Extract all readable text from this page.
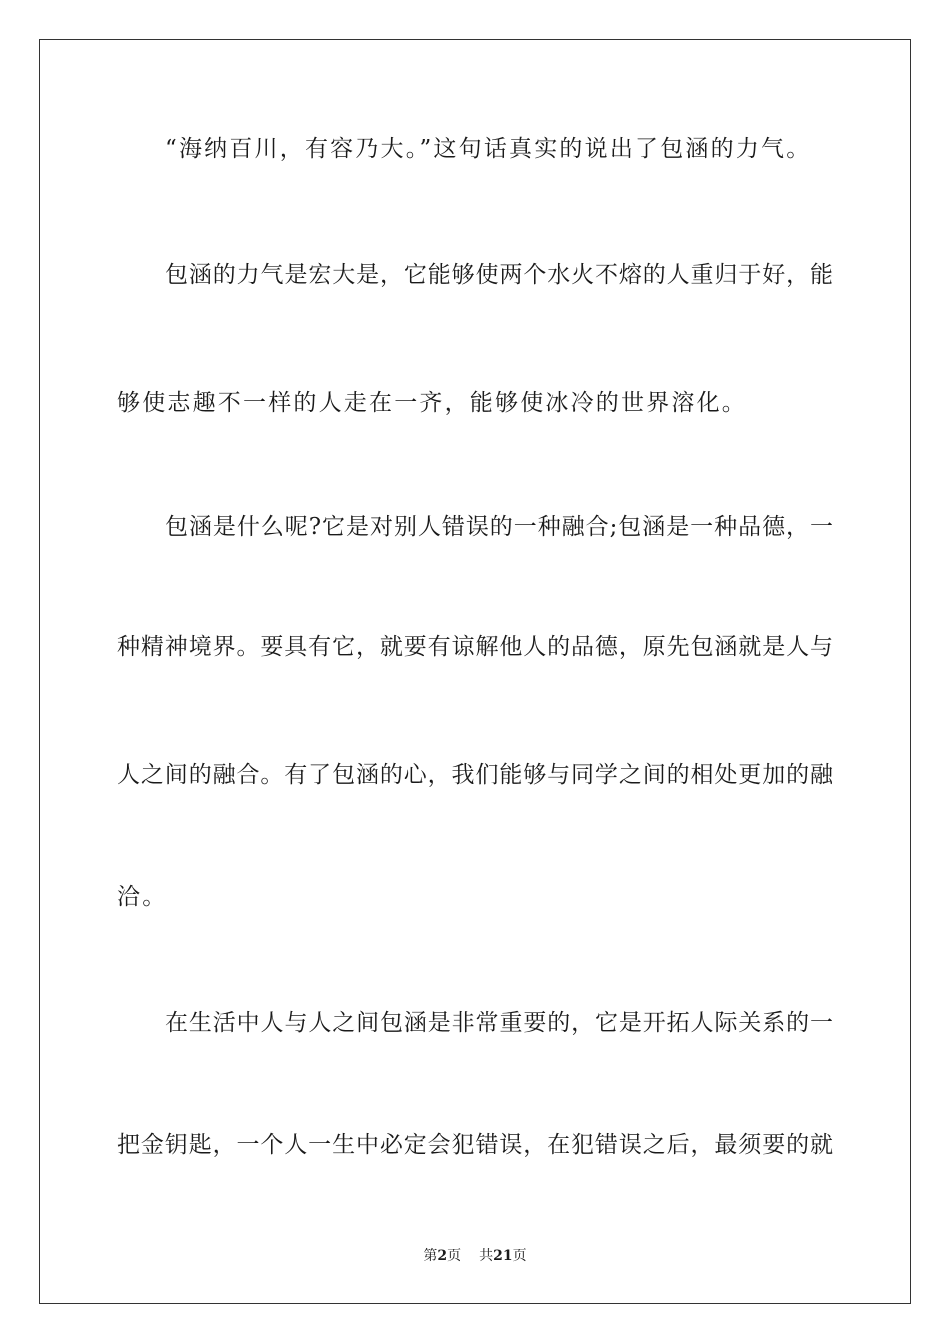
“海纳百川，有容乃大。”这句话真实的说出了包涵的力气。
包涵的力气是宏大是，它能够使两个水火不熔的人重归于好，能
够使志趣不一样的人走在一齐，能够使冰冷的世界溶化。
包涵是什么呢?它是对别人错误的一种融合;包涵是一种品德，一
种精神境界。要具有它，就要有谅解他人的品德，原先包涵就是人与
人之间的融合。有了包涵的心，我们能够与同学之间的相处更加的融
洽。
在生活中人与人之间包涵是非常重要的，它是开拓人际关系的一
把金钥匙，一个人一生中必定会犯错误，在犯错误之后，最须要的就
第2页 共21页
